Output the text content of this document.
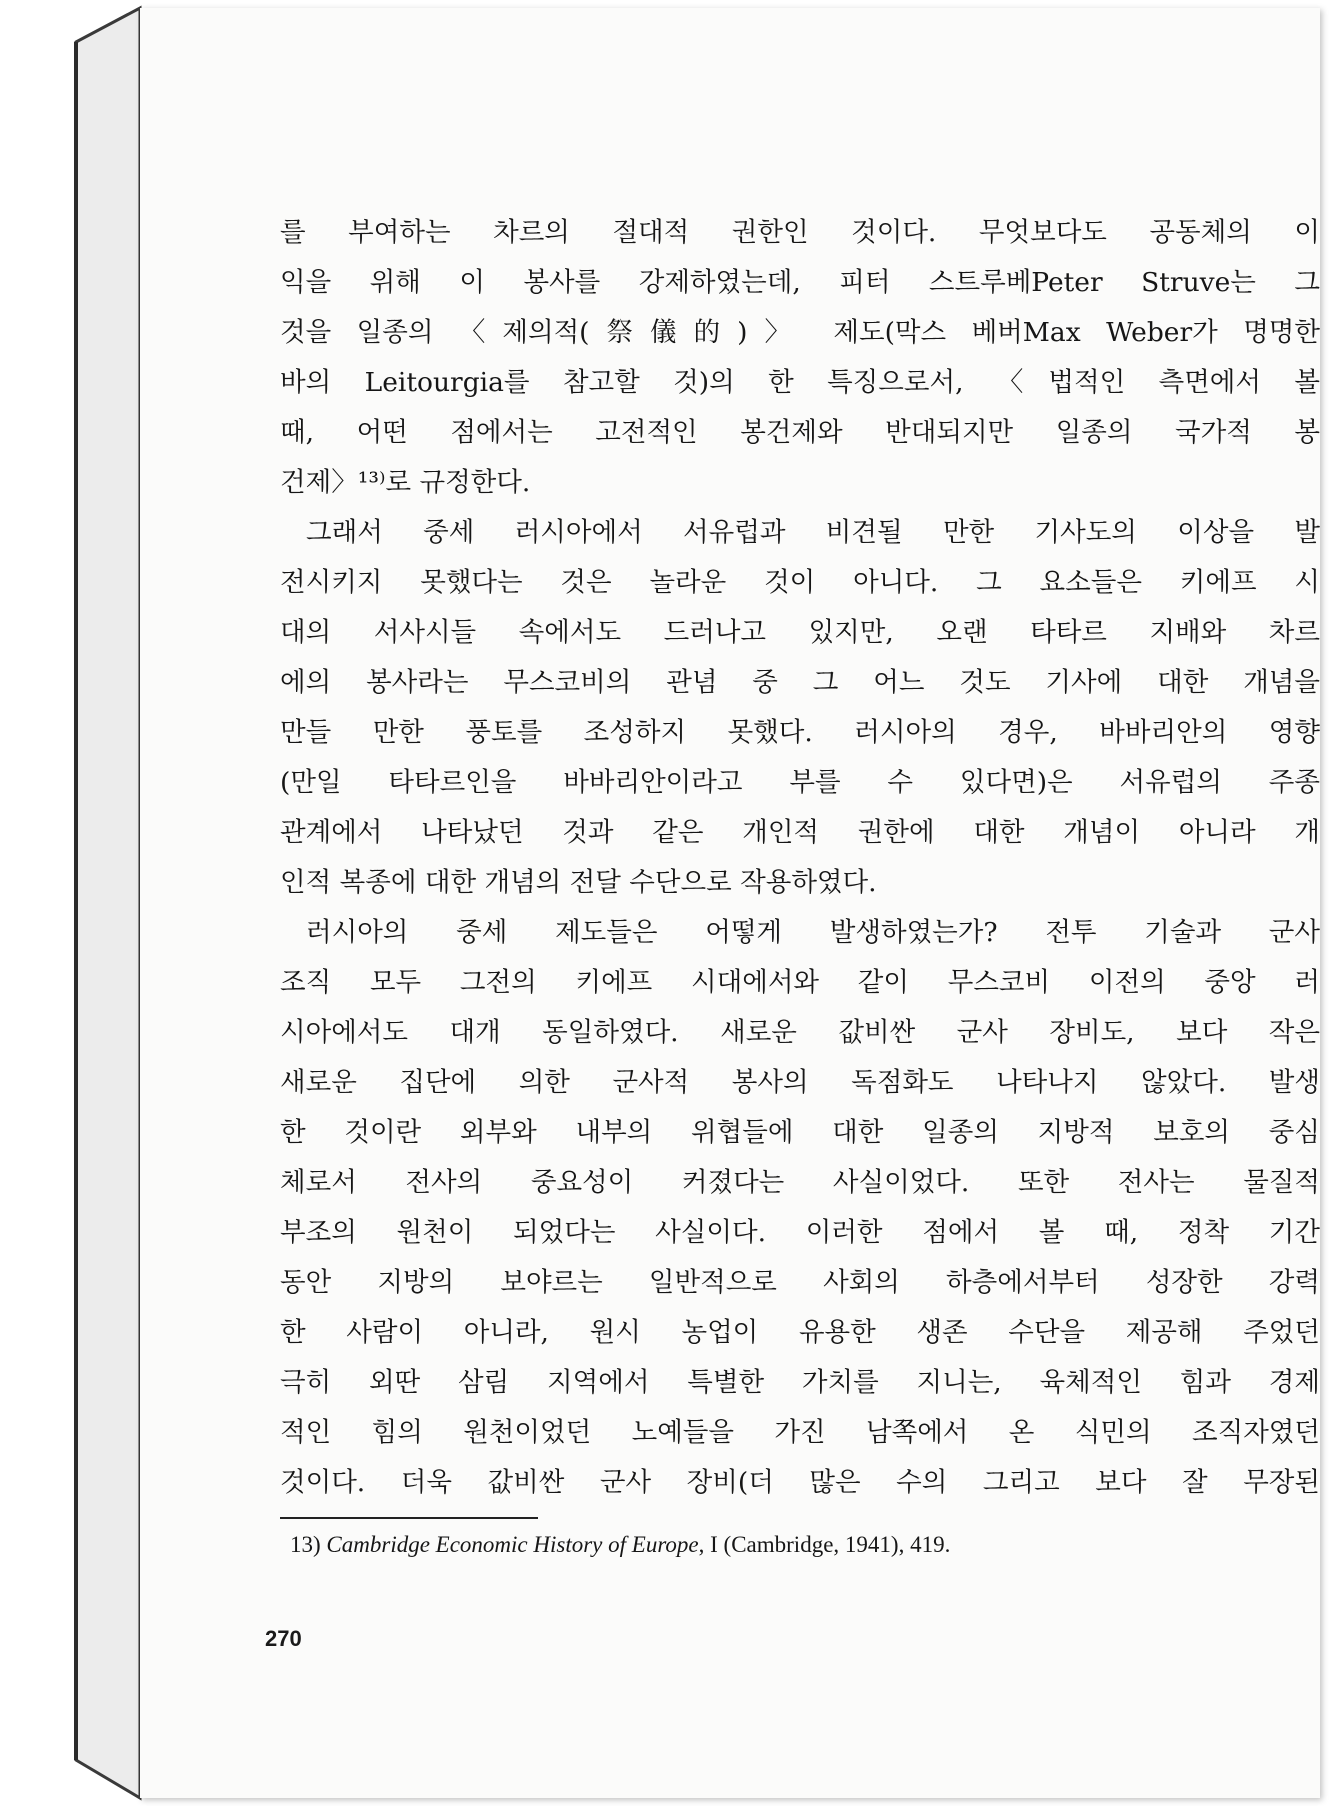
를 부여하는 차르의 절대적 권한인 것이다. 무엇보다도 공동체의 이
익을 위해 이 봉사를 강제하였는데, 피터 스트루베Peter Struve는 그
것을 일종의 〈제의적(祭儀的)〉 제도(막스 베버Max Weber가 명명한
바의 Leitourgia를 참고할 것)의 한 특징으로서, 〈법적인 측면에서 볼
때, 어떤 점에서는 고전적인 봉건제와 반대되지만 일종의 국가적 봉
건제〉¹³⁾로 규정한다.
그래서 중세 러시아에서 서유럽과 비견될 만한 기사도의 이상을 발
전시키지 못했다는 것은 놀라운 것이 아니다. 그 요소들은 키에프 시
대의 서사시들 속에서도 드러나고 있지만, 오랜 타타르 지배와 차르
에의 봉사라는 무스코비의 관념 중 그 어느 것도 기사에 대한 개념을
만들 만한 풍토를 조성하지 못했다. 러시아의 경우, 바바리안의 영향
(만일 타타르인을 바바리안이라고 부를 수 있다면)은 서유럽의 주종
관계에서 나타났던 것과 같은 개인적 권한에 대한 개념이 아니라 개
인적 복종에 대한 개념의 전달 수단으로 작용하였다.
러시아의 중세 제도들은 어떻게 발생하였는가? 전투 기술과 군사
조직 모두 그전의 키에프 시대에서와 같이 무스코비 이전의 중앙 러
시아에서도 대개 동일하였다. 새로운 값비싼 군사 장비도, 보다 작은
새로운 집단에 의한 군사적 봉사의 독점화도 나타나지 않았다. 발생
한 것이란 외부와 내부의 위협들에 대한 일종의 지방적 보호의 중심
체로서 전사의 중요성이 커졌다는 사실이었다. 또한 전사는 물질적
부조의 원천이 되었다는 사실이다. 이러한 점에서 볼 때, 정착 기간
동안 지방의 보야르는 일반적으로 사회의 하층에서부터 성장한 강력
한 사람이 아니라, 원시 농업이 유용한 생존 수단을 제공해 주었던
극히 외딴 삼림 지역에서 특별한 가치를 지니는, 육체적인 힘과 경제
적인 힘의 원천이었던 노예들을 가진 남쪽에서 온 식민의 조직자였던
것이다. 더욱 값비싼 군사 장비(더 많은 수의 그리고 보다 잘 무장된
13) Cambridge Economic History of Europe, I (Cambridge, 1941), 419.
270
